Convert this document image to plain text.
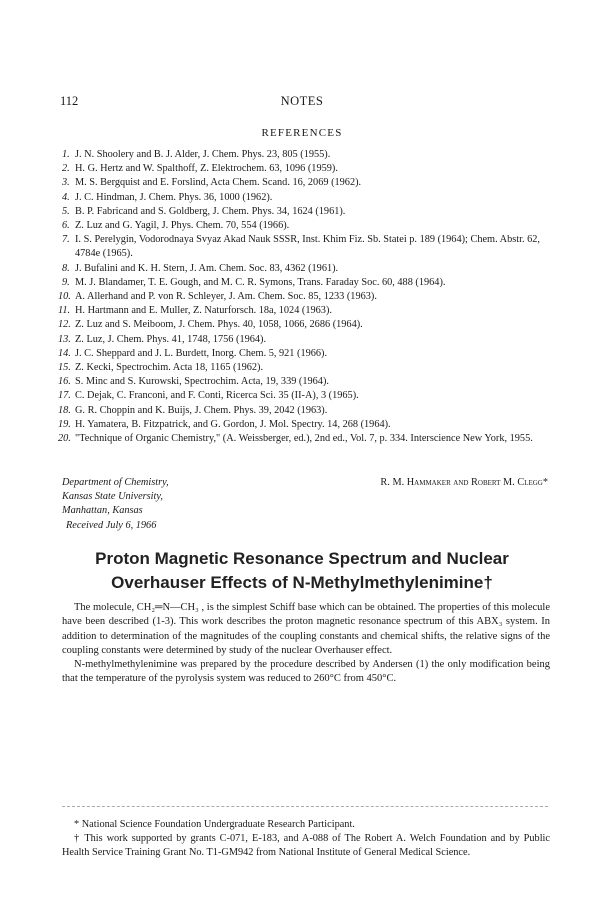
112	NOTES
REFERENCES

1. J. N. Shoolery and B. J. Alder, J. Chem. Phys. 23, 805 (1955).

2. H. G. Hertz and W. Spalthoff, Z. Elektrochem. 63, 1096 (1959).

3. M. S. Bergquist and E. Forslind, Acta Chem. Scand. 16, 2069 (1962).

4. J. C. Hindman, J. Chem. Phys. 36, 1000 (1962).

5. B. P. Fabricand and S. Goldberg, J. Chem. Phys. 34, 1624 (1961).

6. Z. Luz and G. Yagil, J. Phys. Chem. 70, 554 (1966).

7. I. S. Perelygin, Vodorodnaya Svyaz Akad Nauk SSSR, Inst. Khim Fiz. Sb. Statei p. 189 (1964); Chem. Abstr. 62, 4784e (1965).

8. J. Bufalini and K. H. Stern, J. Am. Chem. Soc. 83, 4362 (1961).

9. M. J. Blandamer, T. E. Gough, and M. C. R. Symons, Trans. Faraday Soc. 60, 488 (1964).

10. A. Allerhand and P. von R. Schleyer, J. Am. Chem. Soc. 85, 1233 (1963).

11. H. Hartmann and E. Muller, Z. Naturforsch. 18a, 1024 (1963).

12. Z. Luz and S. Meiboom, J. Chem. Phys. 40, 1058, 1066, 2686 (1964).

13. Z. Luz, J. Chem. Phys. 41, 1748, 1756 (1964).

14. J. C. Sheppard and J. L. Burdett, Inorg. Chem. 5, 921 (1966).

15. Z. Kecki, Spectrochim. Acta 18, 1165 (1962).

16. S. Minc and S. Kurowski, Spectrochim. Acta, 19, 339 (1964).

17. C. Dejak, C. Franconi, and F. Conti, Ricerca Sci. 35 (II-A), 3 (1965).

18. G. R. Choppin and K. Buijs, J. Chem. Phys. 39, 2042 (1963).

19. H. Yamatera, B. Fitzpatrick, and G. Gordon, J. Mol. Spectry. 14, 268 (1964).

20. "Technique of Organic Chemistry," (A. Weissberger, ed.), 2nd ed., Vol. 7, p. 334. Interscience New York, 1955.

Department of Chemistry,
Kansas State University,
Manhattan, Kansas
Received July 6, 1966
R. M. Hammaker and Robert M. Clegg*
Proton Magnetic Resonance Spectrum and Nuclear
Overhauser Effects of N-Methylmethylenimine†

The molecule, CH₂═N—CH₃ , is the simplest Schiff base which can be obtained. The properties of this molecule have been described (1-3). This work describes the proton magnetic resonance spectrum of this ABX₃ system. In addition to determination of the magnitudes of the coupling constants and chemical shifts, the relative signs of the coupling constants were determined by study of the nuclear Overhauser effect.

N-methylmethylenimine was prepared by the procedure described by Andersen (1) the only modification being that the temperature of the pyrolysis system was reduced to 260°C from 450°C.

* National Science Foundation Undergraduate Research Participant.

† This work supported by grants C-071, E-183, and A-088 of The Robert A. Welch Foundation and by Public Health Service Training Grant No. T1-GM942 from National Institute of General Medical Science.
